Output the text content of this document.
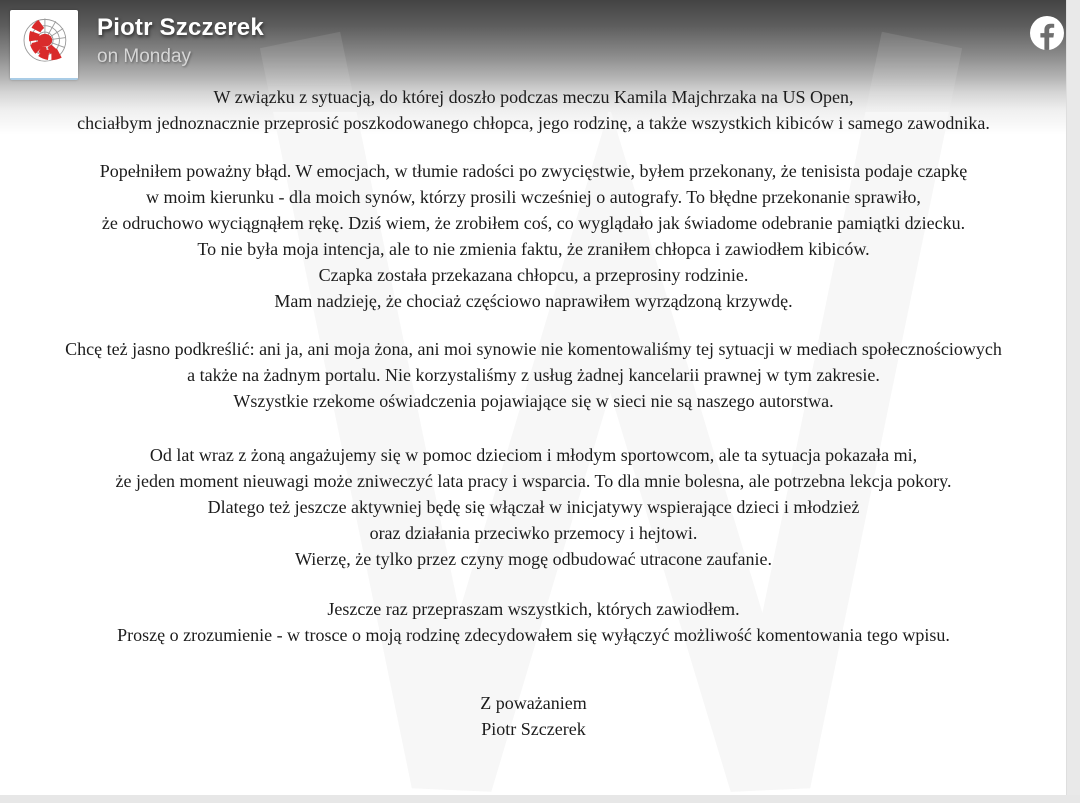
Piotr Szczerek
on Monday
W związku z sytuacją, do której doszło podczas meczu Kamila Majchrzaka na US Open,
chciałbym jednoznacznie przeprosić poszkodowanego chłopca, jego rodzinę, a także wszystkich kibiców i samego zawodnika.
Popełniłem poważny błąd. W emocjach, w tłumie radości po zwycięstwie, byłem przekonany, że tenisista podaje czapkę
w moim kierunku - dla moich synów, którzy prosili wcześniej o autografy. To błędne przekonanie sprawiło,
że odruchowo wyciągnąłem rękę. Dziś wiem, że zrobiłem coś, co wyglądało jak świadome odebranie pamiątki dziecku.
To nie była moja intencja, ale to nie zmienia faktu, że zraniłem chłopca i zawiodłem kibiców.
Czapka została przekazana chłopcu, a przeprosiny rodzinie.
Mam nadzieję, że chociaż częściowo naprawiłem wyrządzoną krzywdę.
Chcę też jasno podkreślić: ani ja, ani moja żona, ani moi synowie nie komentowaliśmy tej sytuacji w mediach społecznościowych
a także na żadnym portalu. Nie korzystaliśmy z usług żadnej kancelarii prawnej w tym zakresie.
Wszystkie rzekome oświadczenia pojawiające się w sieci nie są naszego autorstwa.
Od lat wraz z żoną angażujemy się w pomoc dzieciom i młodym sportowcom, ale ta sytuacja pokazała mi,
że jeden moment nieuwagi może zniweczyć lata pracy i wsparcia. To dla mnie bolesna, ale potrzebna lekcja pokory.
Dlatego też jeszcze aktywniej będę się włączał w inicjatywy wspierające dzieci i młodzież
oraz działania przeciwko przemocy i hejtowi.
Wierzę, że tylko przez czyny mogę odbudować utracone zaufanie.
Jeszcze raz przepraszam wszystkich, których zawiodłem.
Proszę o zrozumienie - w trosce o moją rodzinę zdecydowałem się wyłączyć możliwość komentowania tego wpisu.
Z poważaniem
Piotr Szczerek
